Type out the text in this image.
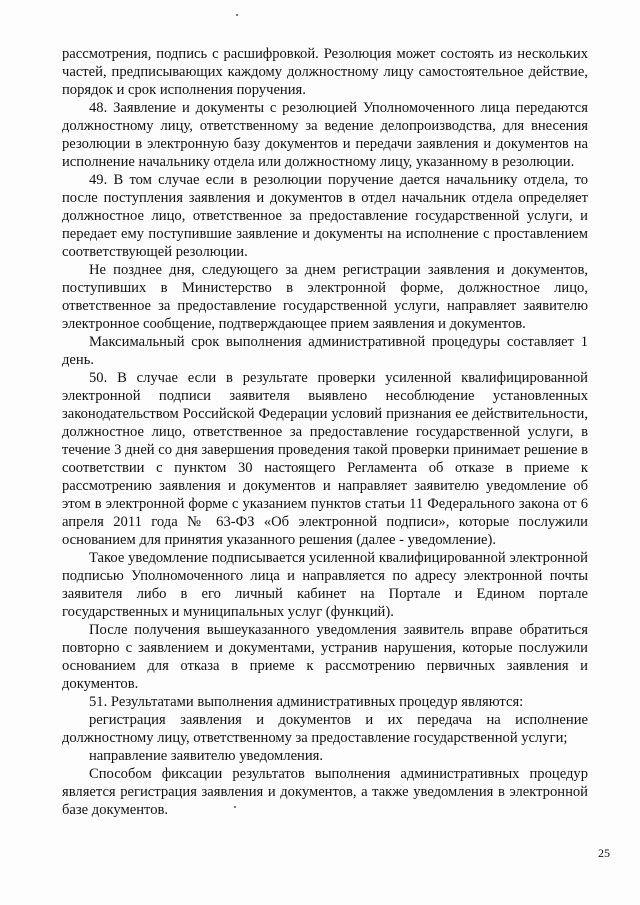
рассмотрения, подпись с расшифровкой. Резолюция может состоять из нескольких частей, предписывающих каждому должностному лицу самостоятельное действие, порядок и срок исполнения поручения.

48. Заявление и документы с резолюцией Уполномоченного лица передаются должностному лицу, ответственному за ведение делопроизводства, для внесения резолюции в электронную базу документов и передачи заявления и документов на исполнение начальнику отдела или должностному лицу, указанному в резолюции.

49. В том случае если в резолюции поручение дается начальнику отдела, то после поступления заявления и документов в отдел начальник отдела определяет должностное лицо, ответственное за предоставление государственной услуги, и передает ему поступившие заявление и документы на исполнение с проставлением соответствующей резолюции.

Не позднее дня, следующего за днем регистрации заявления и документов, поступивших в Министерство в электронной форме, должностное лицо, ответственное за предоставление государственной услуги, направляет заявителю электронное сообщение, подтверждающее прием заявления и документов.

Максимальный срок выполнения административной процедуры составляет 1 день.

50. В случае если в результате проверки усиленной квалифицированной электронной подписи заявителя выявлено несоблюдение установленных законодательством Российской Федерации условий признания ее действительности, должностное лицо, ответственное за предоставление государственной услуги, в течение 3 дней со дня завершения проведения такой проверки принимает решение в соответствии с пунктом 30 настоящего Регламента об отказе в приеме к рассмотрению заявления и документов и направляет заявителю уведомление об этом в электронной форме с указанием пунктов статьи 11 Федерального закона от 6 апреля 2011 года № 63-ФЗ «Об электронной подписи», которые послужили основанием для принятия указанного решения (далее - уведомление).

Такое уведомление подписывается усиленной квалифицированной электронной подписью Уполномоченного лица и направляется по адресу электронной почты заявителя либо в его личный кабинет на Портале и Едином портале государственных и муниципальных услуг (функций).

После получения вышеуказанного уведомления заявитель вправе обратиться повторно с заявлением и документами, устранив нарушения, которые послужили основанием для отказа в приеме к рассмотрению первичных заявления и документов.

51. Результатами выполнения административных процедур являются:

регистрация заявления и документов и их передача на исполнение должностному лицу, ответственному за предоставление государственной услуги;

направление заявителю уведомления.

Способом фиксации результатов выполнения административных процедур является регистрация заявления и документов, а также уведомления в электронной базе документов.

25
